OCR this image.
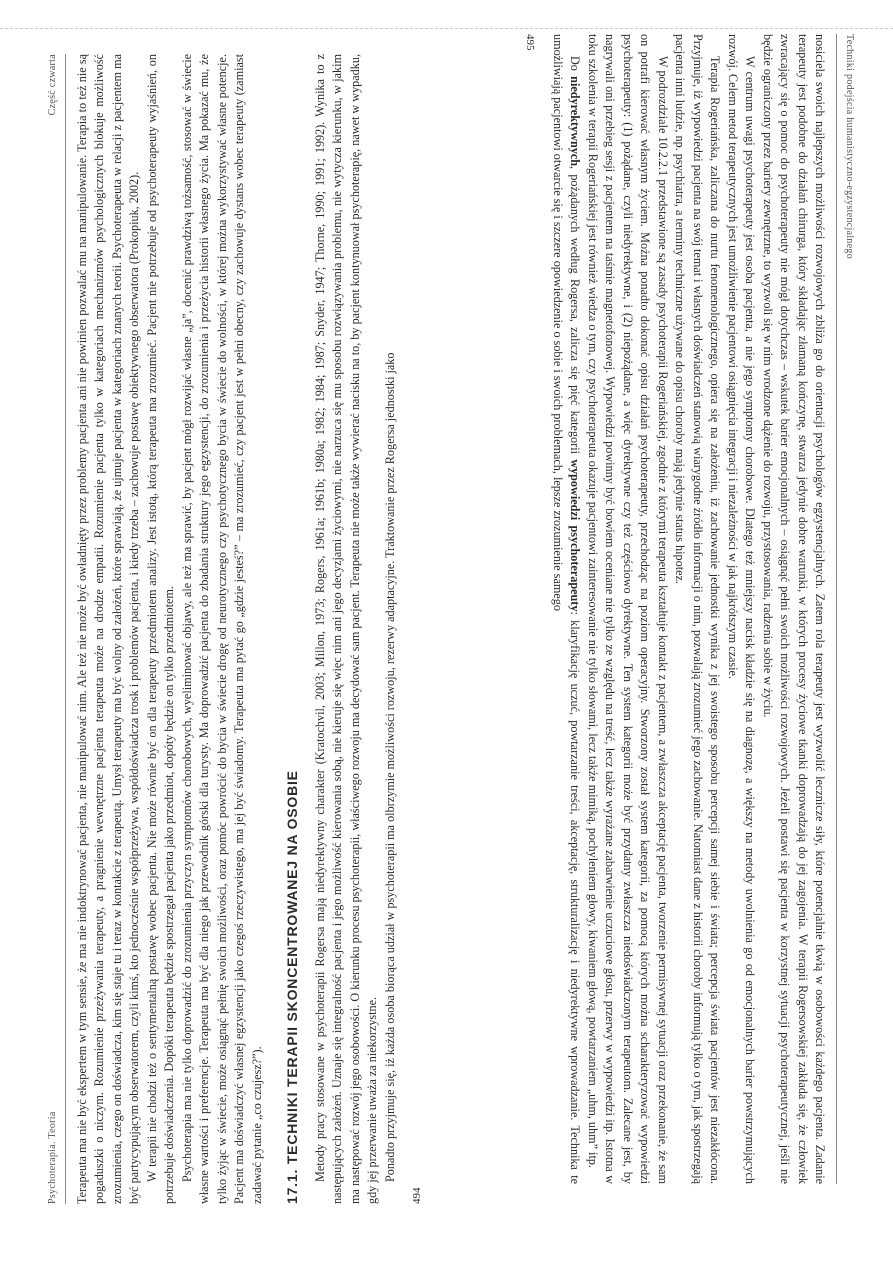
Psychoterapia. Teoria
Część czwarta Terapeuta ma nie być ekspertem w tym sensie, że ma nie indoktrynować pacjenta, nie manipulować nim. Ale też nie może być owładnięty przez problemy pacjenta ani nie powinien pozwalać mu na manipulowanie. Terapia to też nie są pogaduszki o niczym. Rozumienie przeżywania terapeuty, a pragnienie wewnętrzne pacjenta terapeuta może na drodze empatii. Rozumienie pacjenta tylko w kategoriach mechanizmów psychologicznych blokuje możliwość zrozumienia, czego on doświadcza, kim się staje tu i teraz w kontakcie z terapeutą. Umysł terapeuty ma być wolny od założeń, które sprawiają, że ujmuje pacjenta w kategoriach znanych teorii. Psychoterapeuta w relacji z pacjentem ma być partycypującym obserwatorem, czyli kimś, kto jednocześnie współprzeżywa, współdoświadcza trosk i problemów pacjenta, i kiedy trzeba – zachowuje postawę obiektywnego obserwatora (Prokopiuk, 2002). W terapii nie chodzi też o sentymentalną postawę wobec pacjenta. Nie może równie być on dla terapeuty przedmiotem analizy. Jest istotą, którą terapeuta ma zrozumieć. Pacjent nie potrzebuje od psychoterapeuty wyjaśnień, on potrzebuje doświadczenia. Dopóki terapeuta będzie spostrzegał pacjenta jako przedmiot, dopóty będzie on tylko przedmiotem. Psychoterapia ma nie tylko doprowadzić do zrozumienia przyczyn symptomów chorobowych, wyeliminować objawy, ale też ma sprawić, by pacjent mógł rozwijać własne „ja”, docenić prawdziwą tożsamość, stosować w świecie własne wartości i preferencje. Terapeuta ma być dla niego jak przewodnik górski dla turysty. Ma doprowadzić pacjenta do zbadania struktury jego egzystencji, do zrozumienia i przeżycia historii własnego życia. Ma pokazać mu, że tylko żyjąc w świecie, może osiągnąć pełnię swoich możliwości, oraz pomóc powrócić do bycia w świecie drogę od neurotycznego czy psychotycznego bycia w świecie do wolności, w której można wykorzystywać własne potencje. Pacjent ma doświadczyć własnej egzystencji jako czegoś rzeczywistego, ma jej być świadomy. Terapeuta ma pytać go „gdzie jesteś?” – ma zrozumieć, czy pacjent jest w pełni obecny, czy zachowuje dystans wobec terapeuty (zamiast zadawać pytanie „co czujesz?”). 17.1. TECHNIKI TERAPII SKONCENTROWANEJ NA OSOBIE Metody pracy stosowane w psychoterapii Rogersa mają niedyrektywny charakter (Kratochvil, 2003; Millon, 1973; Rogers, 1961a; 1961b; 1980a; 1982; 1984; 1987; Snyder, 1947; Thorne, 1990; 1991; 1992). Wynika to z następujących założeń. Uznaje się integralność pacjenta i jego możliwość kierowania sobą, nie kieruje się więc nim ani jego decyzjami życiowymi, nie narzuca się mu sposobu rozwiązywania problemu, nie wytycza kierunku, w jakim ma następować rozwój jego osobowości. O kierunku procesu psychoterapii, właściwego rozwoju ma decydować sam pacjent. Terapeuta nie może także wywierać nacisku na to, by pacjent kontynuował psychoterapię, nawet w wypadku, gdy jej przerwanie uważa za niekorzystne. Ponadto przyjmuje się, iż każda osoba biorąca udział w psychoterapii ma olbrzymie możliwości rozwoju, rezerwy adaptacyjne. Traktowanie przez Rogersa jednostki jako

494
Techniki podejścia humanistyczno-egzystencjalnego

nosiciela swoich najlepszych możliwości rozwojowych zbliża go do orientacji psychologów egzystencjalnych. Zatem rola terapeuty jest wyzwolić lecznicze siły, które potencjalnie tkwią w osobowości każdego pacjenta. Zadanie terapeuty jest podobne do działań chirurga, który składając złamaną kończynę, stwarza jedynie dobre warunki, w których procesy życiowe tkanki doprowadzają do jej zagojenia. W terapii Rogersowskiej zakłada się, że człowiek zwracający się o pomoc do psychoterapeuty nie mógł dotychczas – wskutek barier emocjonalnych – osiągnąć pełni swoich możliwości rozwojowych. Jeżeli postawi się pacjenta w korzystnej sytuacji psychoterapeutycznej, jeśli nie będzie ograniczony przez bariery zewnętrzne, to wyzwoli się w nim wrodzone dążenie do rozwoju, przystosowania, radzenia sobie w życiu.

W centrum uwagi psychoterapeuty jest osoba pacjenta, a nie jego symptomy chorobowe. Dlatego też mniejszy nacisk kładzie się na diagnozę, a większy na metody uwolnienia go od emocjonalnych barier powstrzymujących rozwój. Celem metod terapeutycznych jest umożliwienie pacjentowi osiągnięcia integracji i niezależności w jak najkrótszym czasie.

Terapia Rogeriańska, zaliczana do nurtu fenomenologicznego, opiera się na założeniu, iż zachowanie jednostki wynika z jej swoistego sposobu percepcji samej siebie i świata; percepcja świata pacjentów jest niezakłócona. Przyjmuje, iż wypowiedzi pacjenta na swój temat i własnych doświadczeń stanowią wiarygodne źródło informacji o nim, pozwalają zrozumieć jego zachowanie. Natomiast dane z historii choroby informują tylko o tym, jak spostrzegają pacjenta inni ludzie, np. psychiatra, a terminy techniczne używane do opisu choroby mają jedynie status hipotez.

W podrozdziale 10.2.2.1 przedstawione są zasady psychoterapii Rogeriańskiej, zgodnie z którymi terapeuta kształtuje kontakt z pacjentem, a zwłaszcza akceptację pacjenta, tworzenie permisywnej sytuacji oraz przekonanie, że sam on potrafi kierować własnym życiem. Można ponadto dokonać opisu działań psychoterapeuty, przechodząc na poziom operacyjny. Stworzony został system kategorii, za pomocą których można scharakteryzować wypowiedzi psychoterapeuty: (1) pożądane, czyli niedyrektywne, i (2) niepożądane, a więc dyrektywne czy też częściowo dyrektywne. Ten system kategorii może być przydatny zwłaszcza niedoświadczonym terapeutom. Zalecane jest, by nagrywali oni przebieg sesji z pacjentem na taśmie magnetofonowej. Wypowiedzi powinny być bowiem oceniane nie tylko ze względu na treść, lecz także wyrażane zabarwienie uczuciowe głosu, przerwy w wypowiedzi itp. Istotna w toku szkolenia w terapii Rogeriańskiej jest również wiedza o tym, czy psychoterapeuta okazuje pacjentowi zainteresowanie nie tylko słowami, lecz także mimiką, pochyleniem głowy, kiwaniem głową, powtarzaniem „uhm, uhm” itp.

Do niedyrektywnych, pożądanych według Rogersa, zalicza się pięć kategorii wypowiedzi psychoterapeuty: klaryfikację uczuć, powtarzanie treści, akceptację, strukturalizację i niedyrektywne wprowadzanie. Technika te umożliwiają pacjentowi otwarcie się i szczere opowiedzenie o sobie i swoich problemach, lepsze zrozumienie samego

495
